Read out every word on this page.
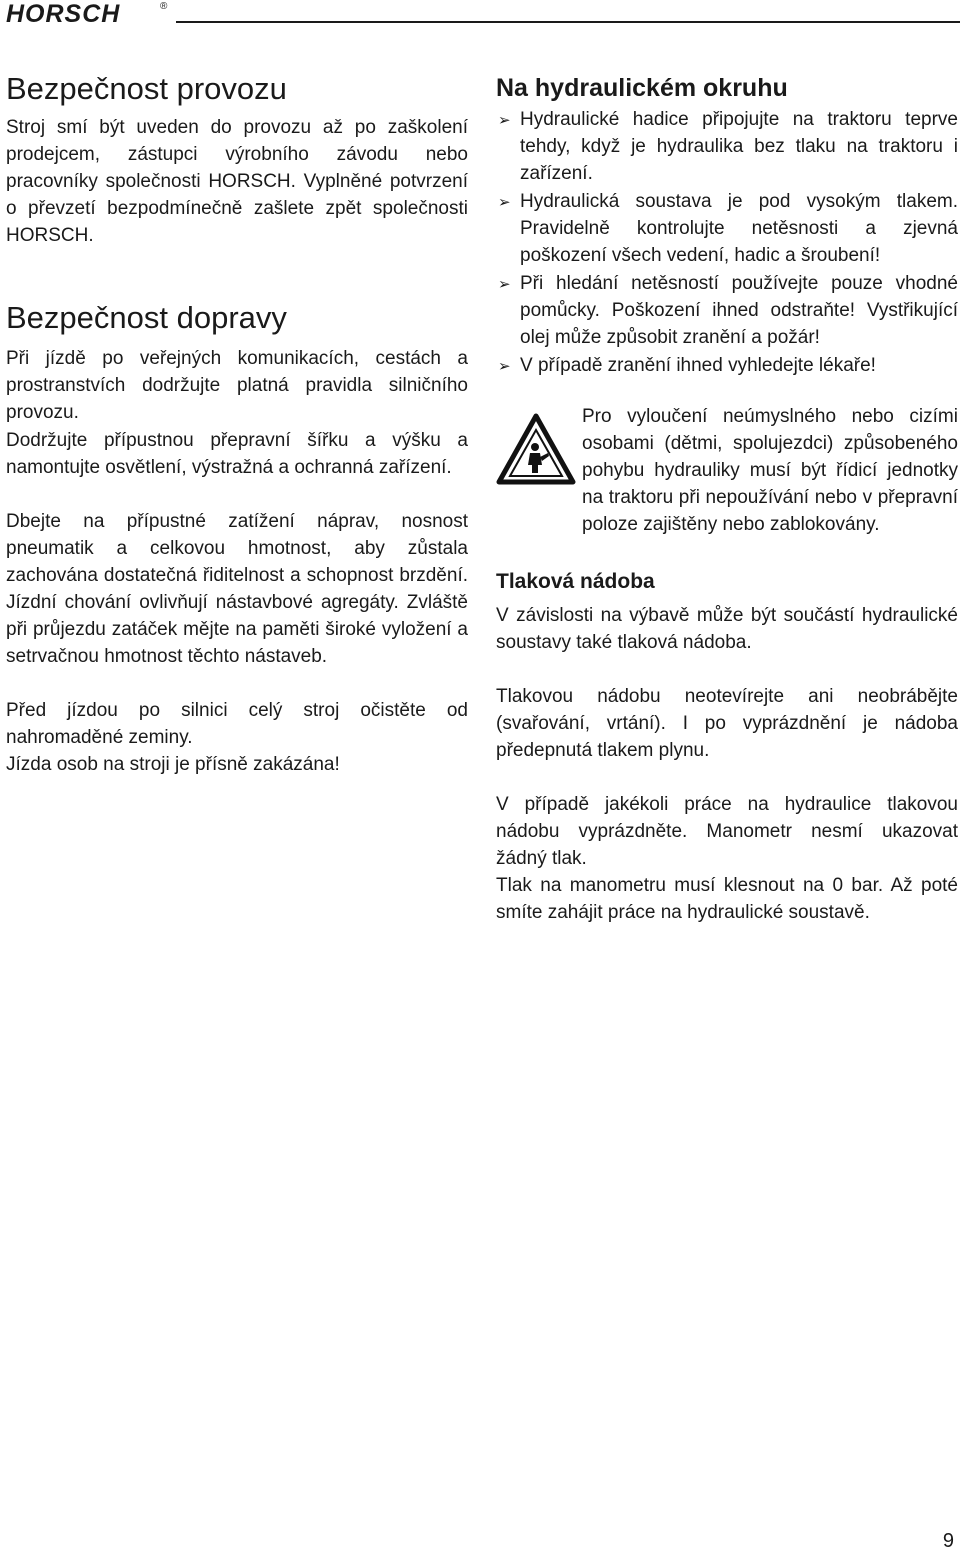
HORSCH	®
Bezpečnost provozu

Stroj smí být uveden do provozu až po zaškolení prodejcem, zástupci výrobního závodu nebo pracovníky společnosti HORSCH. Vyplněné potvrzení o převzetí bezpodmínečně zašlete zpět společnosti HORSCH.

Bezpečnost dopravy

Při jízdě po veřejných komunikacích, cestách a prostranstvích dodržujte platná pravidla silničního provozu.

Dodržujte přípustnou přepravní šířku a výšku a namontujte osvětlení, výstražná a ochranná zařízení.

Dbejte na přípustné zatížení náprav, nosnost pneumatik a celkovou hmotnost, aby zůstala zachována dostatečná řiditelnost a schopnost brzdění. Jízdní chování ovlivňují nástavbové agregáty. Zvláště při průjezdu zatáček mějte na paměti široké vyložení a setrvačnou hmotnost těchto nástaveb.

Před jízdou po silnici celý stroj očistěte od nahromaděné zeminy.

Jízda osob na stroji je přísně zakázána!

Na hydraulickém okruhu
➢ Hydraulické hadice připojujte na traktoru teprve tehdy, když je hydraulika bez tlaku na traktoru i zařízení.
➢ Hydraulická soustava je pod vysokým tlakem. Pravidelně kontrolujte netěsnosti a zjevná poškození všech vedení, hadic a šroubení!
➢ Při hledání netěsností používejte pouze vhodné pomůcky. Poškození ihned odstraňte! Vystřikující olej může způsobit zranění a požár!
➢ V případě zranění ihned vyhledejte lékaře!

Pro vyloučení neúmyslného nebo cizími osobami (dětmi, spolujezdci) způsobeného pohybu hydrauliky musí být řídicí jednotky na traktoru při nepoužívání nebo v přepravní poloze zajištěny nebo zablokovány.

Tlaková nádoba

V závislosti na výbavě může být součástí hydraulické soustavy také tlaková nádoba.

Tlakovou nádobu neotevírejte ani neobrábějte (svařování, vrtání). I po vyprázdnění je nádoba předepnutá tlakem plynu.

V případě jakékoli práce na hydraulice tlakovou nádobu vyprázdněte. Manometr nesmí ukazovat žádný tlak.

Tlak na manometru musí klesnout na 0 bar. Až poté smíte zahájit práce na hydraulické soustavě.

9
